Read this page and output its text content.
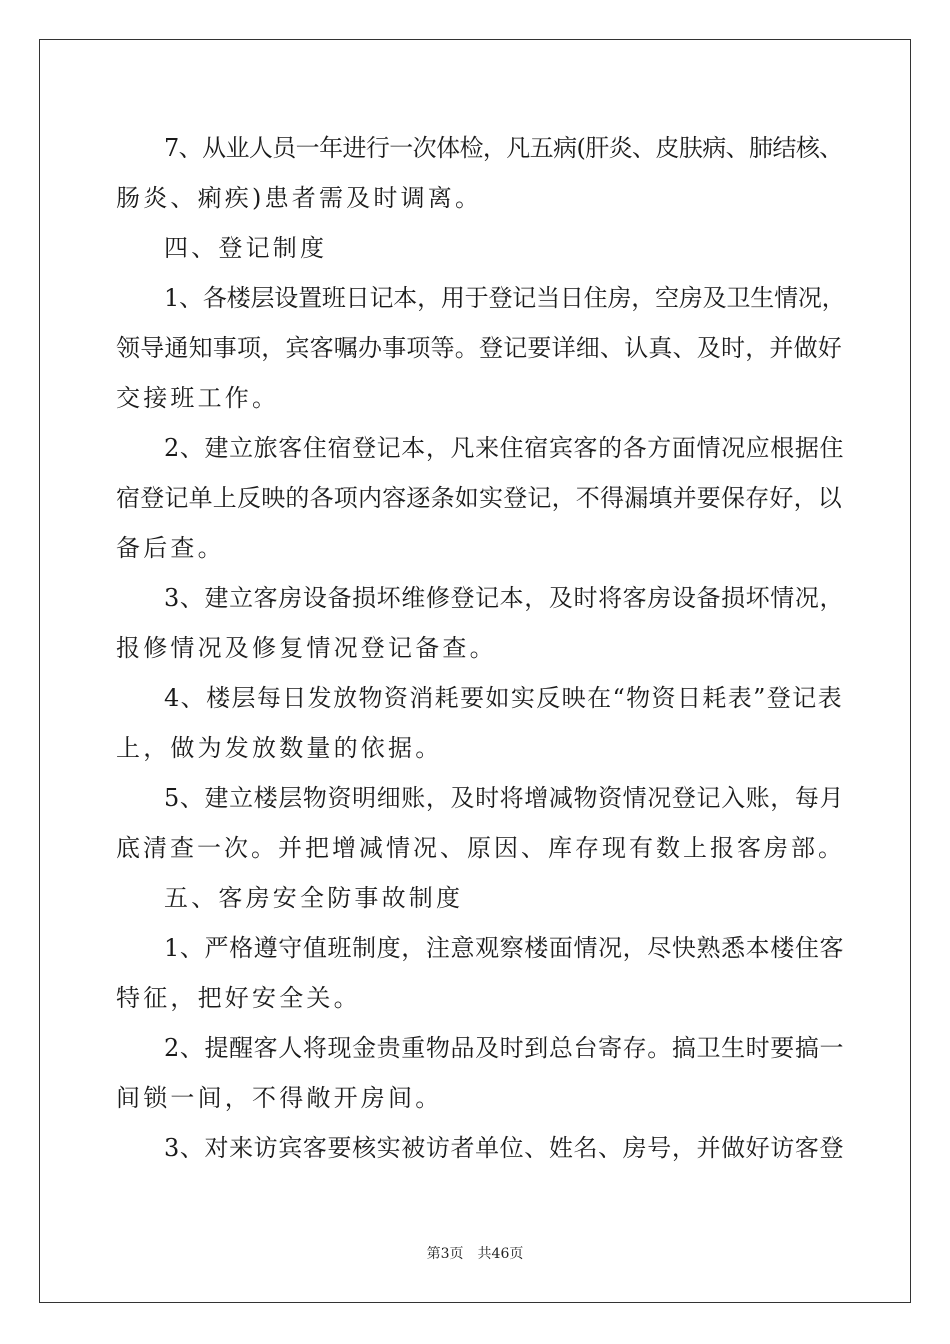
7、从业人员一年进行一次体检，凡五病(肝炎、皮肤病、肺结核、
肠炎、痢疾)患者需及时调离。
四、登记制度
1、各楼层设置班日记本，用于登记当日住房，空房及卫生情况，
领导通知事项，宾客嘱办事项等。登记要详细、认真、及时，并做好
交接班工作。
2、建立旅客住宿登记本，凡来住宿宾客的各方面情况应根据住
宿登记单上反映的各项内容逐条如实登记，不得漏填并要保存好，以
备后查。
3、建立客房设备损坏维修登记本，及时将客房设备损坏情况，
报修情况及修复情况登记备查。
4、楼层每日发放物资消耗要如实反映在“物资日耗表”登记表
上，做为发放数量的依据。
5、建立楼层物资明细账，及时将增减物资情况登记入账，每月
底清查一次。并把增减情况、原因、库存现有数上报客房部。
五、客房安全防事故制度
1、严格遵守值班制度，注意观察楼面情况，尽快熟悉本楼住客
特征，把好安全关。
2、提醒客人将现金贵重物品及时到总台寄存。搞卫生时要搞一
间锁一间，不得敞开房间。
3、对来访宾客要核实被访者单位、姓名、房号，并做好访客登
第3页 共46页
